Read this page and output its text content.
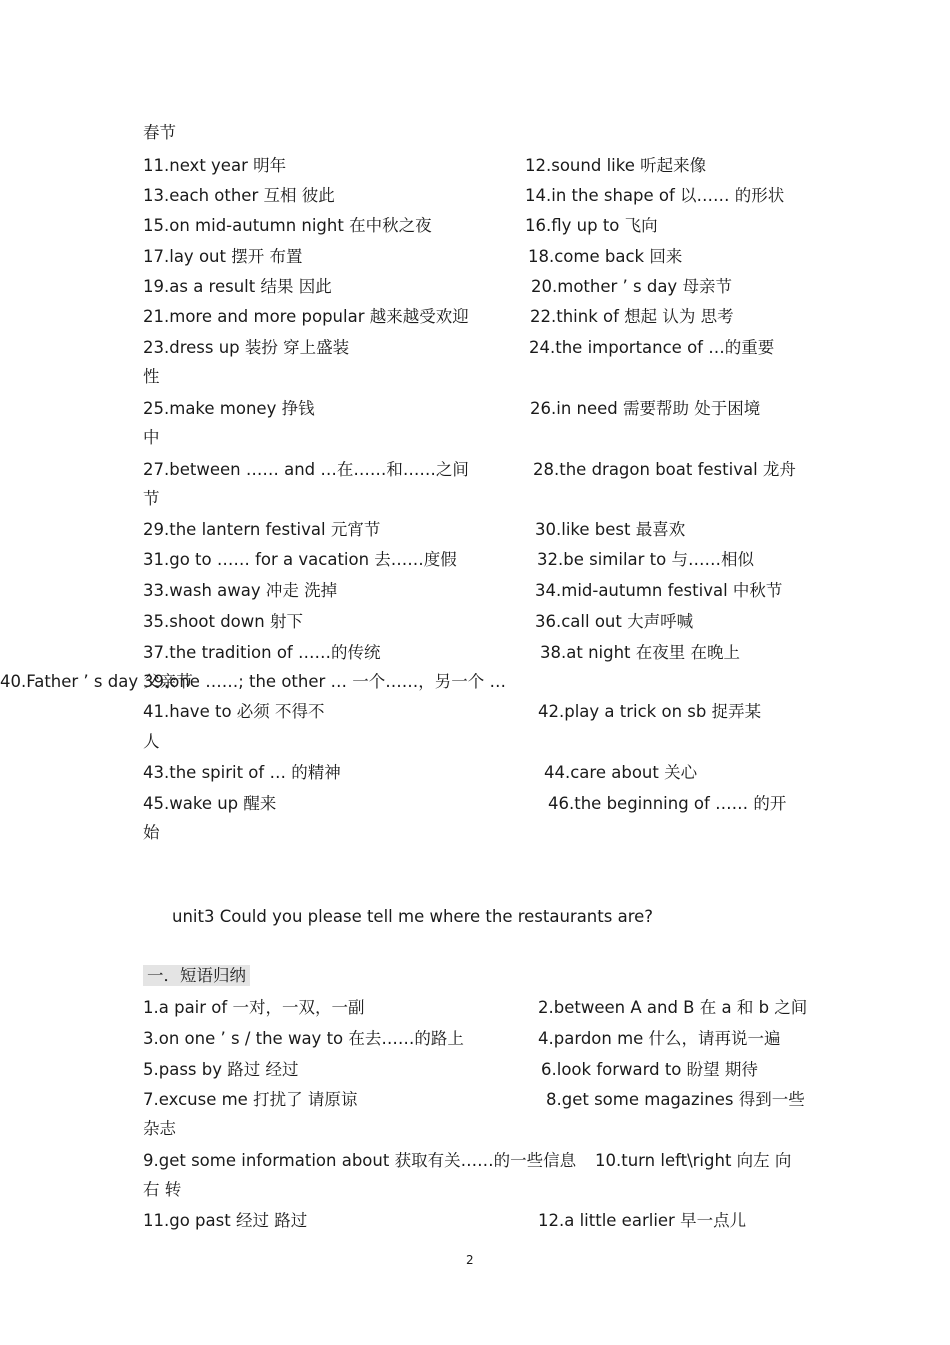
春节
11.next year 明年	12.sound like 听起来像
13.each other 互相 彼此	14.in the shape of 以…… 的形状
15.on mid-autumn night 在中秋之夜	16.fly up to 飞向
17.lay out 摆开 布置	18.come back 回来
19.as a result 结果 因此	20.mother ’ s day 母亲节
21.more and more popular 越来越受欢迎	22.think of 想起 认为 思考
23.dress up 装扮 穿上盛装	24.the importance of …的重要
性
25.make money 挣钱	26.in need 需要帮助 处于困境
中
27.between …… and …在……和……之间	28.the dragon boat festival 龙舟
节
29.the lantern festival 元宵节	30.like best 最喜欢
31.go to …… for a vacation 去……度假	32.be similar to 与……相似
33.wash away 冲走 洗掉	34.mid-autumn festival 中秋节
35.shoot down 射下	36.call out 大声呼喊
37.the tradition of ……的传统	38.at night 在夜里 在晚上
39.one ……; the other … 一个……，另一个 …
40.Father ’ s day 父亲节
41.have to 必须 不得不	42.play a trick on sb 捉弄某
人
43.the spirit of … 的精神	44.care about 关心
45.wake up 醒来	46.the beginning of …… 的开
始
unit3 Could you please tell me where the restaurants are?
一．短语归纳
1.a pair of 一对，一双，一副	2.between A and B 在 a 和 b 之间
3.on one ’ s / the way to 在去……的路上	4.pardon me 什么，请再说一遍
5.pass by 路过 经过	6.look forward to 盼望 期待
7.excuse me 打扰了 请原谅	8.get some magazines 得到一些
杂志
9.get some information about 获取有关……的一些信息 10.turn left\right 向左 向
右 转
11.go past 经过 路过	12.a little earlier 早一点儿
2
